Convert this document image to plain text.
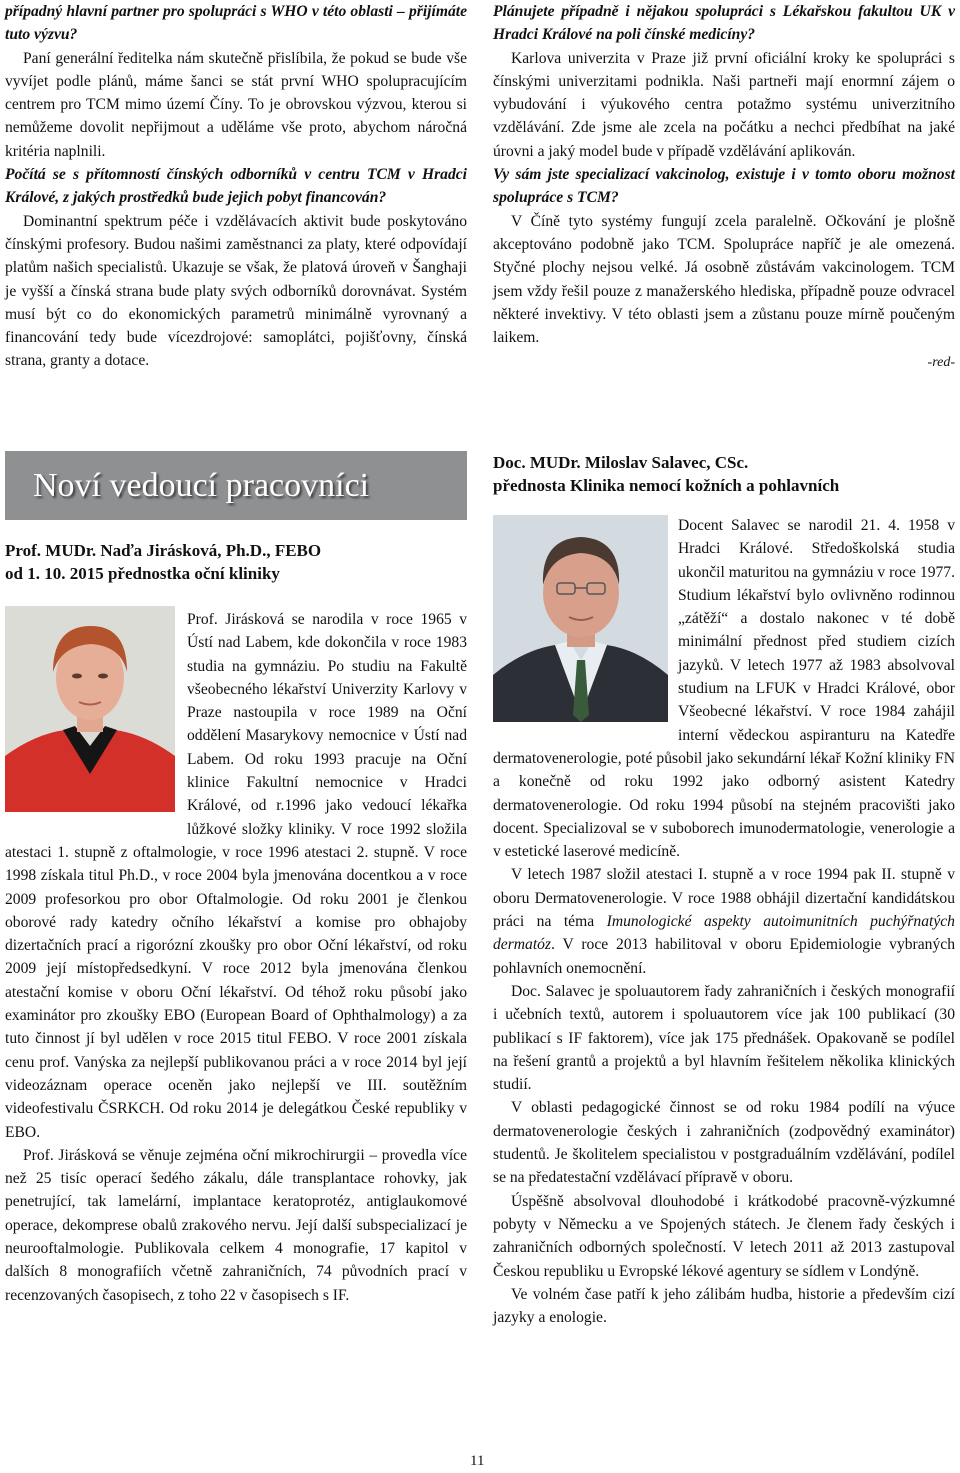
případný hlavní partner pro spolupráci s WHO v této oblasti – přijímáte tuto výzvu?

Paní generální ředitelka nám skutečně přislíbila, že pokud se bude vše vyvíjet podle plánů, máme šanci se stát první WHO spolupracujícím centrem pro TCM mimo území Číny. To je obrovskou výzvou, kterou si nemůžeme dovolit nepřijmout a uděláme vše proto, abychom náročná kritéria naplnili.

Počítá se s přítomností čínských odborníků v centru TCM v Hradci Králové, z jakých prostředků bude jejich pobyt financován?

Dominantní spektrum péče i vzdělávacích aktivit bude poskytováno čínskými profesory. Budou našimi zaměstnanci za platy, které odpovídají platům našich specialistů. Ukazuje se však, že platová úroveň v Šanghaji je vyšší a čínská strana bude platy svých odborníků dorovnávat. Systém musí být co do ekonomických parametrů minimálně vyrovnaný a financování tedy bude vícezdrojové: samoplátci, pojišťovny, čínská strana, granty a dotace.

Plánujete případně i nějakou spolupráci s Lékařskou fakultou UK v Hradci Králové na poli čínské medicíny?

Karlova univerzita v Praze již první oficiální kroky ke spolupráci s čínskými univerzitami podnikla. Naši partneři mají enormní zájem o vybudování i výukového centra potažmo systému univerzitního vzdělávání. Zde jsme ale zcela na počátku a nechci předbíhat na jaké úrovni a jaký model bude v případě vzdělávání aplikován.

Vy sám jste specializací vakcinolog, existuje i v tomto oboru možnost spolupráce s TCM?

V Číně tyto systémy fungují zcela paralelně. Očkování je plošně akceptováno podobně jako TCM. Spolupráce napříč je ale omezená. Styčné plochy nejsou velké. Já osobně zůstávám vakcinologem. TCM jsem vždy řešil pouze z manažerského hlediska, případně pouze odvracel některé invektivy. V této oblasti jsem a zůstanu pouze mírně poučeným laikem.

-red-
Noví vedoucí pracovníci
Prof. MUDr. Naďa Jirásková, Ph.D., FEBO
od 1. 10. 2015 přednostka oční kliniky
Doc. MUDr. Miloslav Salavec, CSc.
přednosta Klinika nemocí kožních a pohlavních

Prof. Jirásková se narodila v roce 1965 v Ústí nad Labem, kde dokončila v roce 1983 studia na gymnáziu. Po studiu na Fakultě všeobecného lékařství Univerzity Karlovy v Praze nastoupila v roce 1989 na Oční oddělení Masarykovy nemocnice v Ústí nad Labem. Od roku 1993 pracuje na Oční klinice Fakultní nemocnice v Hradci Králové, od r.1996 jako vedoucí lékařka lůžkové složky kliniky. V roce 1992 složila atestaci 1. stupně z oftalmologie, v roce 1996 atestaci 2. stupně. V roce 1998 získala titul Ph.D., v roce 2004 byla jmenována docentkou a v roce 2009 profesorkou pro obor Oftalmologie. Od roku 2001 je členkou oborové rady katedry očního lékařství a komise pro obhajoby dizertačních prací a rigorózní zkoušky pro obor Oční lékařství, od roku 2009 její místopředsedkyní. V roce 2012 byla jmenována členkou atestační komise v oboru Oční lékařství. Od téhož roku působí jako examinátor pro zkoušky EBO (European Board of Ophthalmology) a za tuto činnost jí byl udělen v roce 2015 titul FEBO. V roce 2001 získala cenu prof. Vanýska za nejlepší publikovanou práci a v roce 2014 byl její videozáznam operace oceněn jako nejlepší ve III. soutěžním videofestivalu ČSRKCH. Od roku 2014 je delegátkou České republiky v EBO.

Prof. Jirásková se věnuje zejména oční mikrochirurgii – provedla více než 25 tisíc operací šedého zákalu, dále transplantace rohovky, jak penetrující, tak lamelární, implantace keratoprotéz, antiglaukomové operace, dekomprese obalů zrakového nervu. Její další subspecializací je neurooftalmologie. Publikovala celkem 4 monografie, 17 kapitol v dalších 8 monografiích včetně zahraničních, 74 původních prací v recenzovaných časopisech, z toho 22 v časopisech s IF.

Docent Salavec se narodil 21. 4. 1958 v Hradci Králové. Středoškolská studia ukončil maturitou na gymnáziu v roce 1977. Studium lékařství bylo ovlivněno rodinnou „zátěží“ a dostalo nakonec v té době minimální přednost před studiem cizích jazyků. V letech 1977 až 1983 absolvoval studium na LFUK v Hradci Králové, obor Všeobecné lékařství. V roce 1984 zahájil interní vědeckou aspiranturu na Katedře dermatovenerologie, poté působil jako sekundární lékař Kožní kliniky FN a konečně od roku 1992 jako odborný asistent Katedry dermatovenerologie. Od roku 1994 působí na stejném pracovišti jako docent. Specializoval se v suboborech imunodermatologie, venerologie a v estetické laserové medicíně.

V letech 1987 složil atestaci I. stupně a v roce 1994 pak II. stupně v oboru Dermatovenerologie. V roce 1988 obhájil dizertační kandidátskou práci na téma Imunologické aspekty autoimunitních puchýřnatých dermatóz. V roce 2013 habilitoval v oboru Epidemiologie vybraných pohlavních onemocnění.

Doc. Salavec je spoluautorem řady zahraničních i českých monografií i učebních textů, autorem i spoluautorem více jak 100 publikací (30 publikací s IF faktorem), více jak 175 přednášek. Opakovaně se podílel na řešení grantů a projektů a byl hlavním řešitelem několika klinických studií.

V oblasti pedagogické činnost se od roku 1984 podílí na výuce dermatovenerologie českých i zahraničních (zodpovědný examinátor) studentů. Je školitelem specialistou v postgraduálním vzdělávání, podílel se na předatestační vzdělávací přípravě v oboru.

Úspěšně absolvoval dlouhodobé i krátkodobé pracovně-výzkumné pobyty v Německu a ve Spojených státech. Je členem řady českých i zahraničních odborných společností. V letech 2011 až 2013 zastupoval Českou republiku u Evropské lékové agentury se sídlem v Londýně.

Ve volném čase patří k jeho zálibám hudba, historie a především cizí jazyky a enologie.

11
